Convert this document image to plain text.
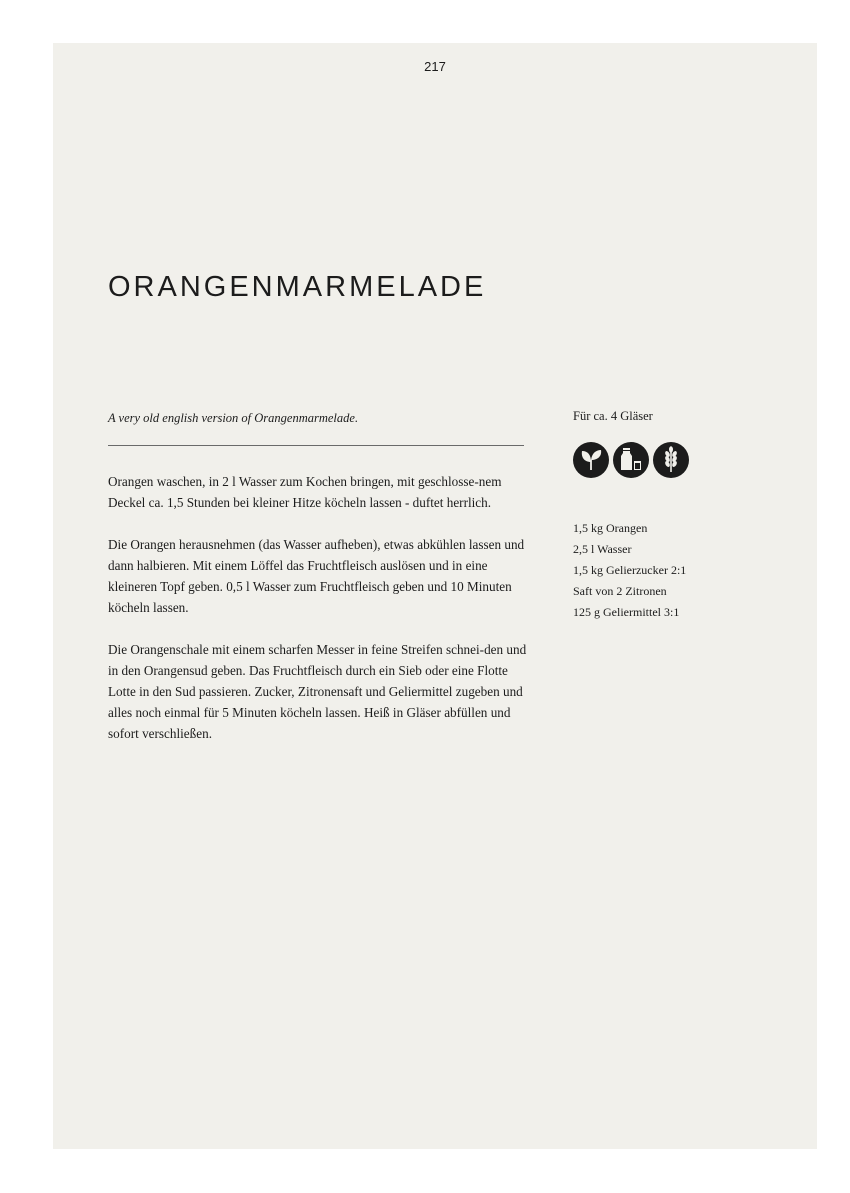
217
ORANGENMARMELADE

A very old english version of Orangenmarmelade.

Orangen waschen, in 2 l Wasser zum Kochen bringen, mit geschlosse-nem Deckel ca. 1,5 Stunden bei kleiner Hitze köcheln lassen - duftet herrlich.

Die Orangen herausnehmen (das Wasser aufheben), etwas abkühlen lassen und dann halbieren. Mit einem Löffel das Fruchtfleisch auslösen und in eine kleineren Topf geben. 0,5 l Wasser zum Fruchtfleisch geben und 10 Minuten köcheln lassen.

Die Orangenschale mit einem scharfen Messer in feine Streifen schnei-den und in den Orangensud geben. Das Fruchtfleisch durch ein Sieb oder eine Flotte Lotte in den Sud passieren. Zucker, Zitronensaft und Geliermittel zugeben und alles noch einmal für 5 Minuten köcheln lassen. Heiß in Gläser abfüllen und sofort verschließen.

Für ca. 4 Gläser

1,5 kg Orangen
2,5 l Wasser
1,5 kg Gelierzucker 2:1
Saft von 2 Zitronen
125 g Geliermittel 3:1
